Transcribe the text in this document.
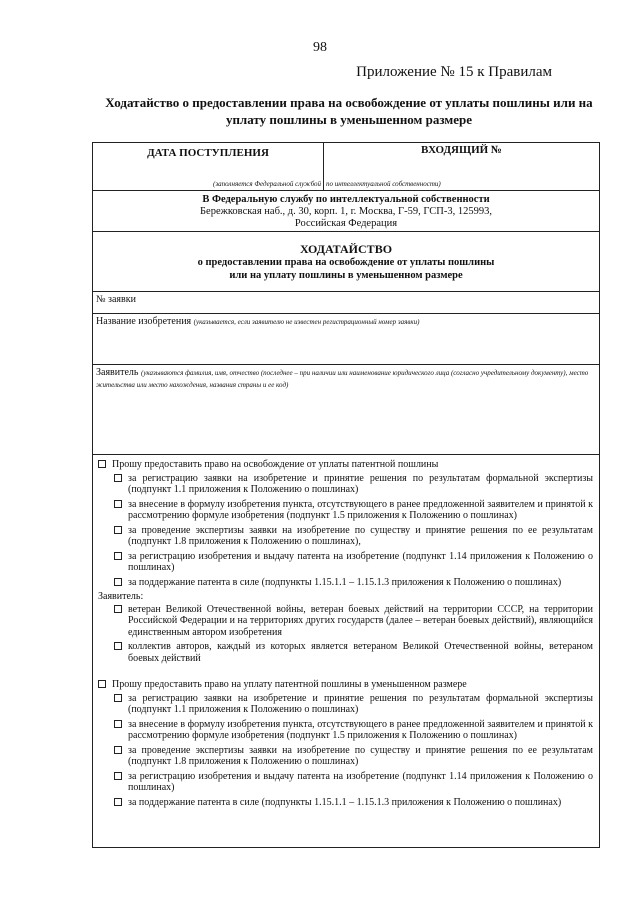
98
Приложение № 15 к Правилам
Ходатайство о предоставлении права на освобождение от уплаты пошлины или на уплату пошлины в уменьшенном размере
ДАТА ПОСТУПЛЕНИЯ
(заполняется Федеральной службой
ВХОДЯЩИЙ №
по интеллектуальной собственности)
В Федеральную службу по интеллектуальной собственности
Бережковская наб., д. 30, корп. 1, г. Москва, Г-59, ГСП-3, 125993,
Российская Федерация
ХОДАТАЙСТВО
о предоставлении права на освобождение от уплаты пошлины
или на уплату пошлины в уменьшенном размере
№ заявки
Название изобретения (указывается, если заявителю не известен регистрационный номер заявки)
Заявитель (указываются фамилия, имя, отчество (последнее – при наличии или наименование юридического лица (согласно учредительному документу), место жительства или место нахождения, названия страны и ее код)
Прошу предоставить право на освобождение от уплаты патентной пошлины
за регистрацию заявки на изобретение и принятие решения по результатам формальной экспертизы (подпункт 1.1 приложения к Положению о пошлинах)
за внесение в формулу изобретения пункта, отсутствующего в ранее предложенной заявителем и принятой к рассмотрению формуле изобретения (подпункт 1.5 приложения к Положению о пошлинах)
за проведение экспертизы заявки на изобретение по существу и принятие решения по ее результатам (подпункт 1.8 приложения к Положению о пошлинах),
за регистрацию изобретения и выдачу патента на изобретение (подпункт 1.14 приложения к Положению о пошлинах)
за поддержание патента в силе (подпункты 1.15.1.1 – 1.15.1.3 приложения к Положению о пошлинах)
Заявитель:
ветеран Великой Отечественной войны, ветеран боевых действий на территории СССР, на территории Российской Федерации и на территориях других государств (далее – ветеран боевых действий), являющийся единственным автором изобретения
коллектив авторов, каждый из которых является ветераном Великой Отечественной войны, ветераном боевых действий
Прошу предоставить право на уплату патентной пошлины в уменьшенном размере
за регистрацию заявки на изобретение и принятие решения по результатам формальной экспертизы (подпункт 1.1 приложения к Положению о пошлинах)
за внесение в формулу изобретения пункта, отсутствующего в ранее предложенной заявителем и принятой к рассмотрению формуле изобретения (подпункт 1.5 приложения к Положению о пошлинах)
за проведение экспертизы заявки на изобретение по существу и принятие решения по ее результатам (подпункт 1.8 приложения к Положению о пошлинах)
за регистрацию изобретения и выдачу патента на изобретение (подпункт 1.14 приложения к Положению о пошлинах)
за поддержание патента в силе (подпункты 1.15.1.1 – 1.15.1.3 приложения к Положению о пошлинах)
